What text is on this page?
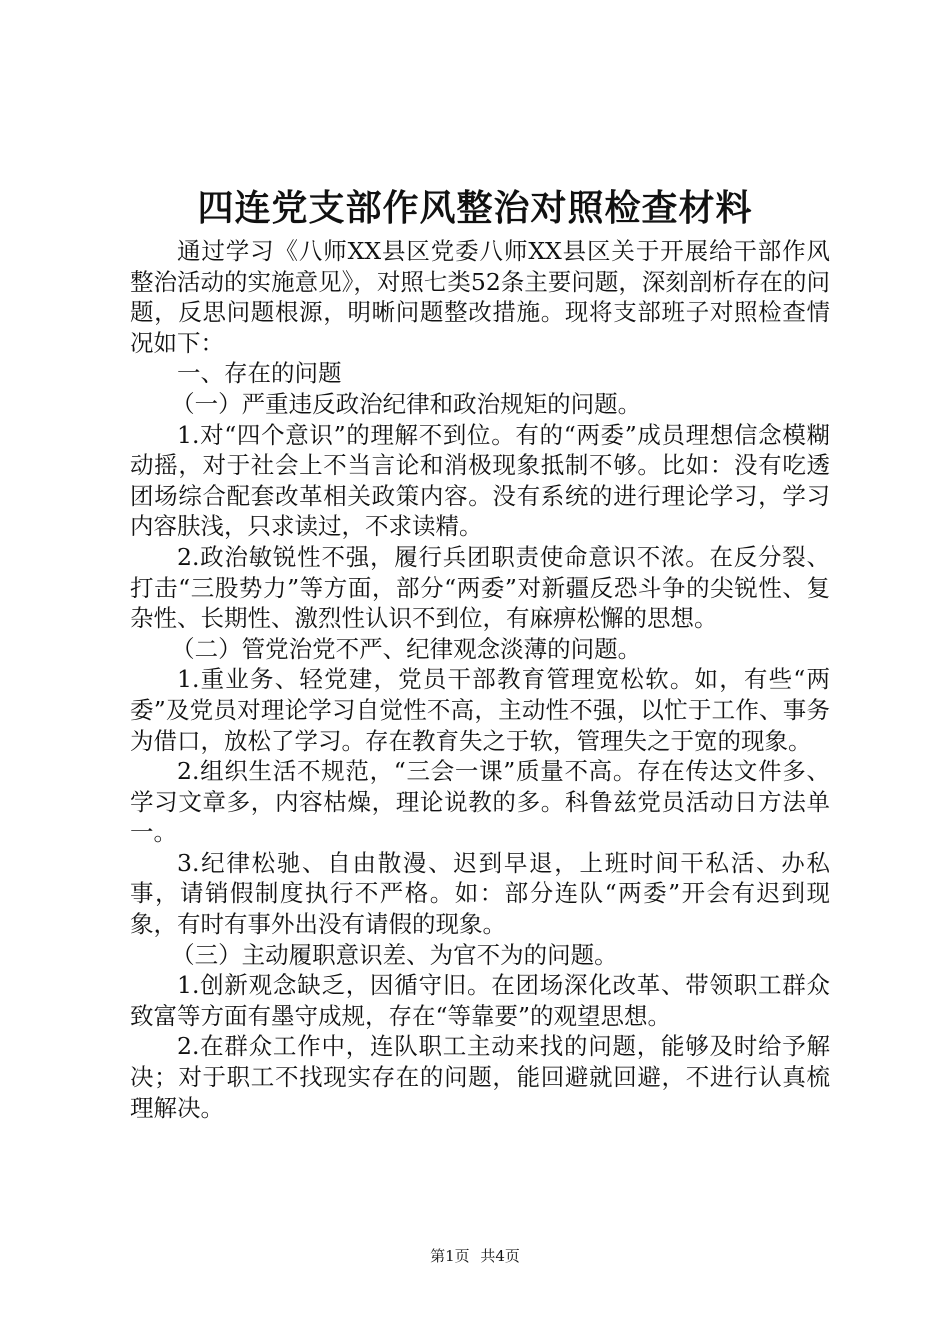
四连党支部作风整治对照检查材料

通过学习《八师XX县区党委八师XX县区关于开展给干部作风整治活动的实施意见》，对照七类52条主要问题，深刻剖析存在的问题，反思问题根源，明晰问题整改措施。现将支部班子对照检查情况如下：

一、存在的问题

（一）严重违反政治纪律和政治规矩的问题。

1.对“四个意识”的理解不到位。有的“两委”成员理想信念模糊动摇，对于社会上不当言论和消极现象抵制不够。比如：没有吃透团场综合配套改革相关政策内容。没有系统的进行理论学习，学习内容肤浅，只求读过，不求读精。

2.政治敏锐性不强，履行兵团职责使命意识不浓。在反分裂、打击“三股势力”等方面，部分“两委”对新疆反恐斗争的尖锐性、复杂性、长期性、激烈性认识不到位，有麻痹松懈的思想。

（二）管党治党不严、纪律观念淡薄的问题。

1.重业务、轻党建，党员干部教育管理宽松软。如，有些“两委”及党员对理论学习自觉性不高，主动性不强，以忙于工作、事务为借口，放松了学习。存在教育失之于软，管理失之于宽的现象。

2.组织生活不规范，“三会一课”质量不高。存在传达文件多、学习文章多，内容枯燥，理论说教的多。科鲁兹党员活动日方法单一。

3.纪律松驰、自由散漫、迟到早退，上班时间干私活、办私事，请销假制度执行不严格。如：部分连队“两委”开会有迟到现象，有时有事外出没有请假的现象。

（三）主动履职意识差、为官不为的问题。

1.创新观念缺乏，因循守旧。在团场深化改革、带领职工群众致富等方面有墨守成规，存在“等靠要”的观望思想。

2.在群众工作中，连队职工主动来找的问题，能够及时给予解决；对于职工不找现实存在的问题，能回避就回避，不进行认真梳理解决。

第1页 共4页
